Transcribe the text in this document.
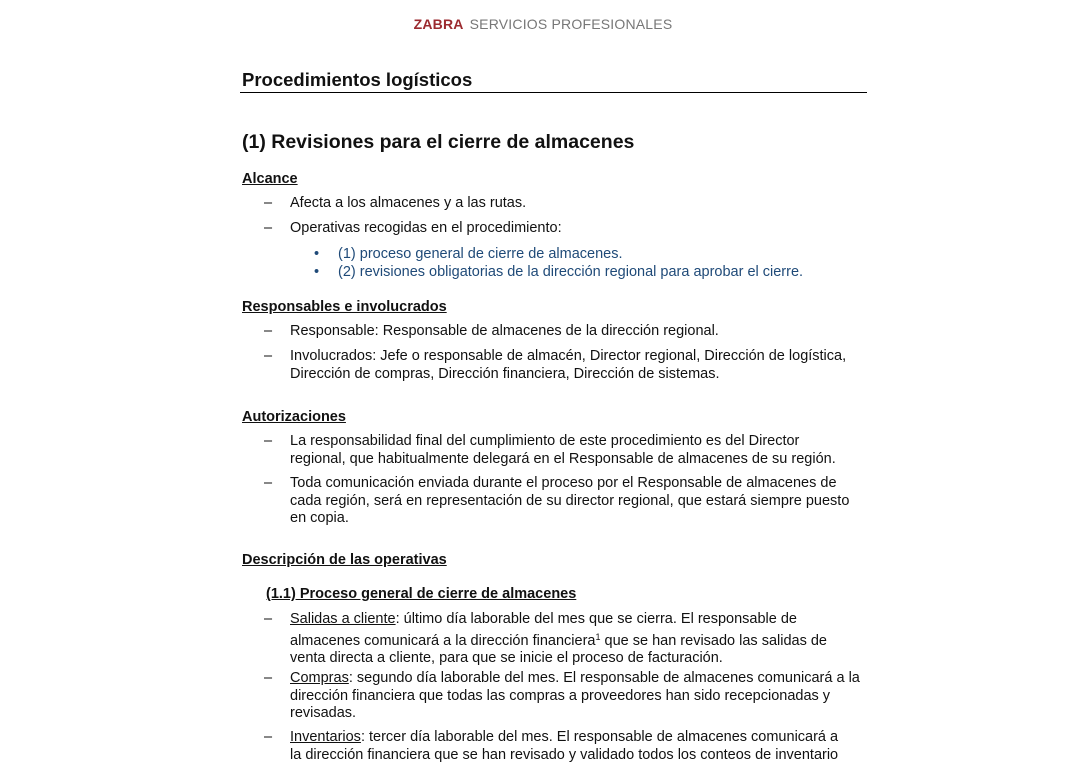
ZABRA SERVICIOS PROFESIONALES
Procedimientos logísticos
(1) Revisiones para el cierre de almacenes
Alcance
– Afecta a los almacenes y a las rutas.
– Operativas recogidas en el procedimiento:
• (1) proceso general de cierre de almacenes.
• (2) revisiones obligatorias de la dirección regional para aprobar el cierre.
Responsables e involucrados
– Responsable: Responsable de almacenes de la dirección regional.
– Involucrados: Jefe o responsable de almacén, Director regional, Dirección de logística,
Dirección de compras, Dirección financiera, Dirección de sistemas.
Autorizaciones
– La responsabilidad final del cumplimiento de este procedimiento es del Director
regional, que habitualmente delegará en el Responsable de almacenes de su región.
– Toda comunicación enviada durante el proceso por el Responsable de almacenes de
cada región, será en representación de su director regional, que estará siempre puesto
en copia.
Descripción de las operativas
(1.1) Proceso general de cierre de almacenes
– Salidas a cliente: último día laborable del mes que se cierra. El responsable de
almacenes comunicará a la dirección financiera$^1$ que se han revisado las salidas de
venta directa a cliente, para que se inicie el proceso de facturación.
– Compras: segundo día laborable del mes. El responsable de almacenes comunicará a la
dirección financiera que todas las compras a proveedores han sido recepcionadas y
revisadas.
– Inventarios: tercer día laborable del mes. El responsable de almacenes comunicará a
la dirección financiera que se han revisado y validado todos los conteos de inventario
